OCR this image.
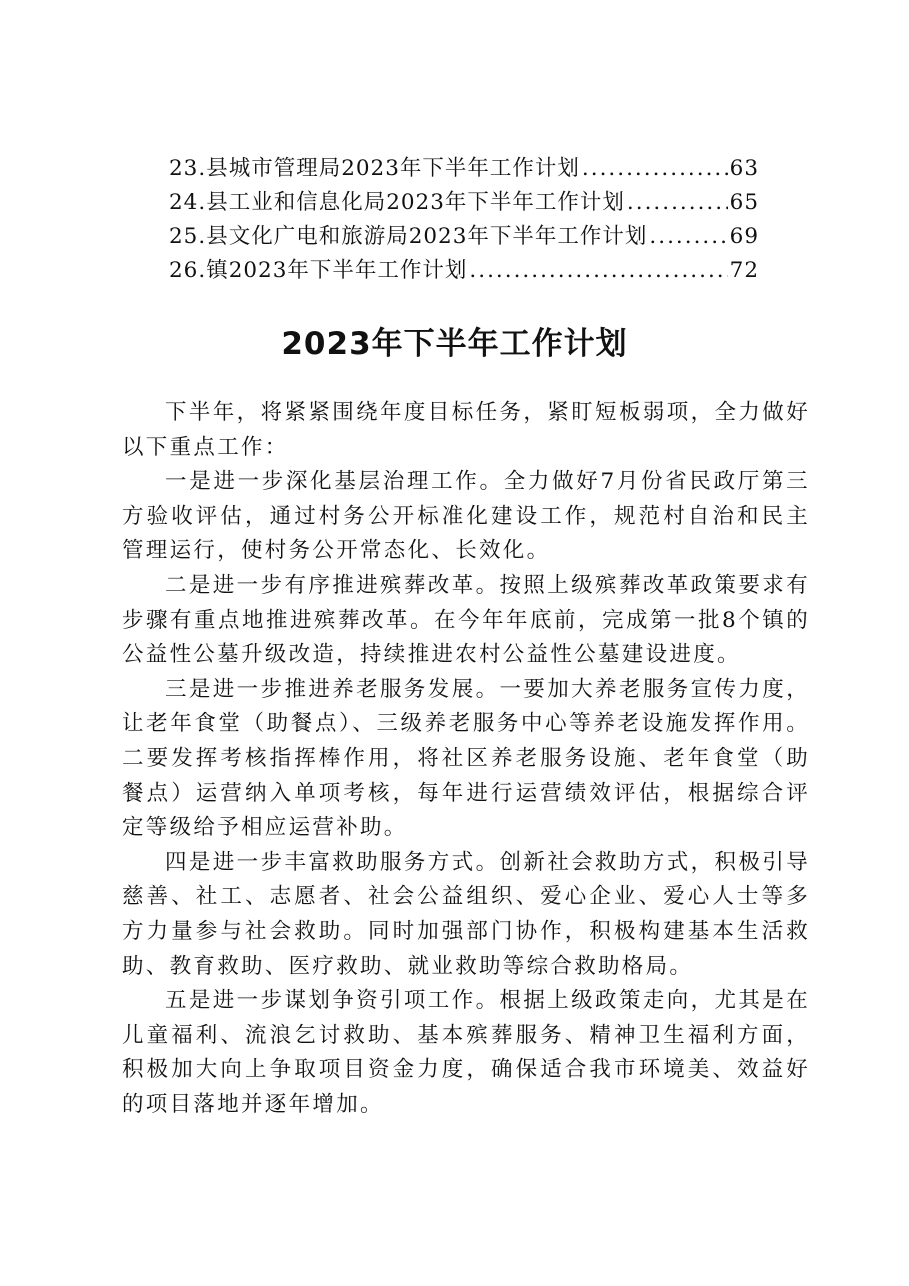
23. 县城市管理局2023年下半年工作计划 .....	63
24. 县工业和信息化局2023年下半年工作计划 .....	65
25. 县文化广电和旅游局2023年下半年工作计划 .....	69
26. 镇2023年下半年工作计划 .....	72
2023年下半年工作计划

下半年，将紧紧围绕年度目标任务，紧盯短板弱项，全力做好以下重点工作：

一是进一步深化基层治理工作。全力做好7月份省民政厅第三方验收评估，通过村务公开标准化建设工作，规范村自治和民主管理运行，使村务公开常态化、长效化。

二是进一步有序推进殡葬改革。按照上级殡葬改革政策要求有步骤有重点地推进殡葬改革。在今年年底前，完成第一批8个镇的公益性公墓升级改造，持续推进农村公益性公墓建设进度。

三是进一步推进养老服务发展。一要加大养老服务宣传力度，让老年食堂（助餐点）、三级养老服务中心等养老设施发挥作用。二要发挥考核指挥棒作用，将社区养老服务设施、老年食堂（助餐点）运营纳入单项考核，每年进行运营绩效评估，根据综合评定等级给予相应运营补助。

四是进一步丰富救助服务方式。创新社会救助方式，积极引导慈善、社工、志愿者、社会公益组织、爱心企业、爱心人士等多方力量参与社会救助。同时加强部门协作，积极构建基本生活救助、教育救助、医疗救助、就业救助等综合救助格局。

五是进一步谋划争资引项工作。根据上级政策走向，尤其是在儿童福利、流浪乞讨救助、基本殡葬服务、精神卫生福利方面，积极加大向上争取项目资金力度，确保适合我市环境美、效益好的项目落地并逐年增加。
